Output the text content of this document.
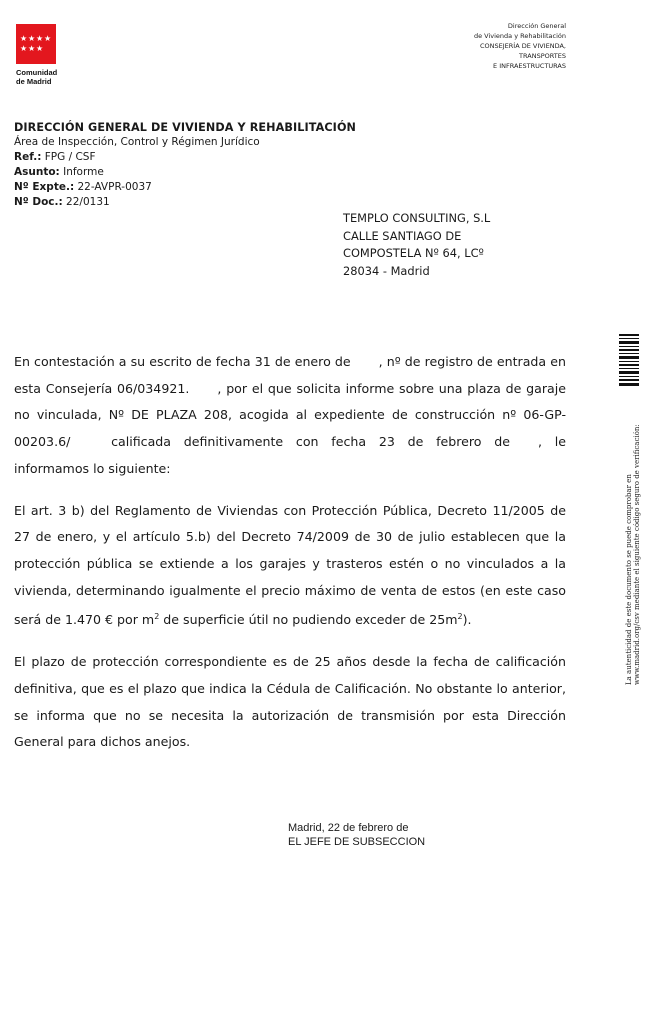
★ ★ ★ ★
★ ★ ★
Comunidad
de Madrid
Dirección General
de Vivienda y Rehabilitación
CONSEJERÍA DE VIVIENDA,
TRANSPORTES
E INFRAESTRUCTURAS
DIRECCIÓN GENERAL DE VIVIENDA Y REHABILITACIÓN
Área de Inspección, Control y Régimen Jurídico
Ref.: FPG / CSF
Asunto: Informe
Nº Expte.: 22-AVPR-0037
Nº Doc.: 22/0131
TEMPLO CONSULTING, S.L
CALLE SANTIAGO DE
COMPOSTELA Nº 64, LCº
28034 - Madrid

En contestación a su escrito de fecha 31 de enero de , nº de registro de entrada en esta Consejería 06/034921. , por el que solicita informe sobre una plaza de garaje no vinculada, Nº DE PLAZA 208, acogida al expediente de construcción nº 06-GP-00203.6/ calificada definitivamente con fecha 23 de febrero de , le informamos lo siguiente:

El art. 3 b) del Reglamento de Viviendas con Protección Pública, Decreto 11/2005 de 27 de enero, y el artículo 5.b) del Decreto 74/2009 de 30 de julio establecen que la protección pública se extiende a los garajes y trasteros estén o no vinculados a la vivienda, determinando igualmente el precio máximo de venta de estos (en este caso será de 1.470 € por $m^2$ de superficie útil no pudiendo exceder de $25m^2$).

El plazo de protección correspondiente es de 25 años desde la fecha de calificación definitiva, que es el plazo que indica la Cédula de Calificación. No obstante lo anterior, se informa que no se necesita la autorización de transmisión por esta Dirección General para dichos anejos.

Madrid, 22 de febrero de
EL JEFE DE SUBSECCION
La autenticidad de este documento se puede comprobar en www.madrid.org/csv mediante el siguiente código seguro de verificación:
